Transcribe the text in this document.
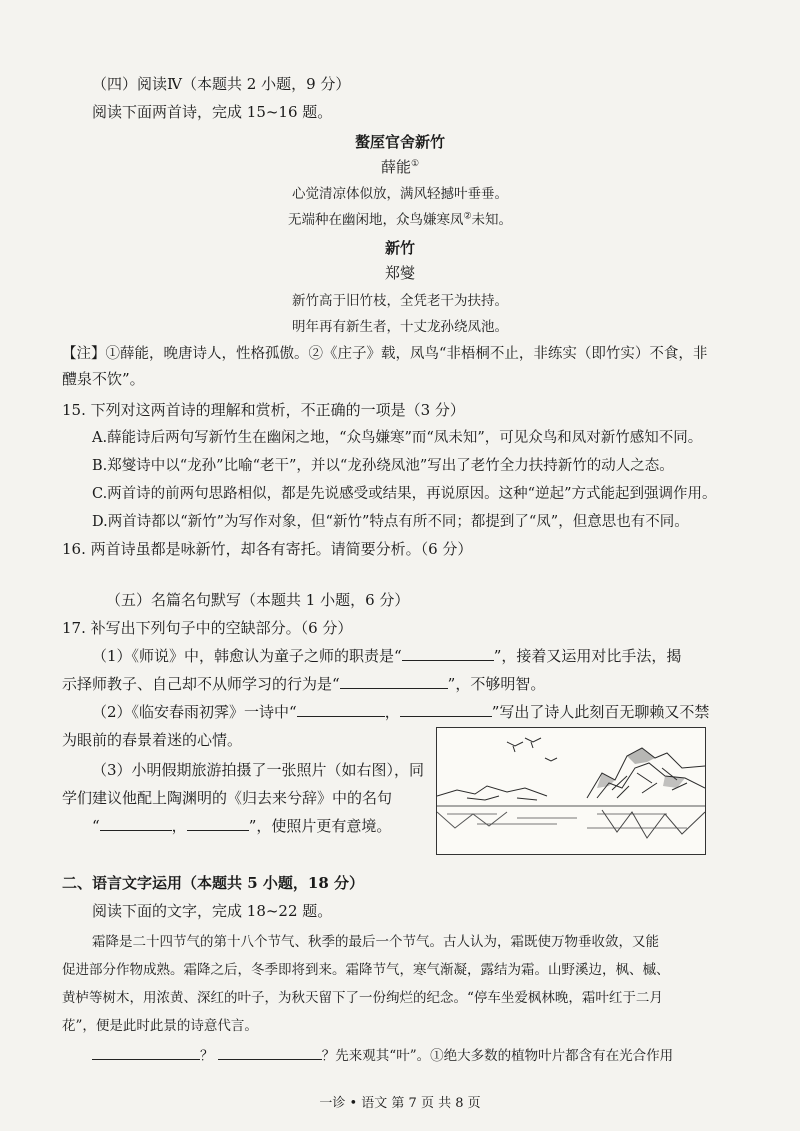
（四）阅读Ⅳ（本题共 2 小题，9 分）
阅读下面两首诗，完成 15~16 题。
螯厔官舍新竹
薛能①
心觉清凉体似放，满风轻撼叶垂垂。
无端种在幽闲地，众鸟嫌寒凤②未知。
新竹
郑燮
新竹高于旧竹枝，全凭老干为扶持。
明年再有新生者，十丈龙孙绕凤池。
【注】①薛能，晚唐诗人，性格孤傲。②《庄子》载，凤鸟“非梧桐不止，非练实（即竹实）不食，非
醴泉不饮”。
15. 下列对这两首诗的理解和赏析，不正确的一项是（3 分）
A.薛能诗后两句写新竹生在幽闲之地，“众鸟嫌寒”而“凤未知”，可见众鸟和凤对新竹感知不同。
B.郑燮诗中以“龙孙”比喻“老干”，并以“龙孙绕凤池”写出了老竹全力扶持新竹的动人之态。
C.两首诗的前两句思路相似，都是先说感受或结果，再说原因。这种“逆起”方式能起到强调作用。
D.两首诗都以“新竹”为写作对象，但“新竹”特点有所不同；都提到了“凤”，但意思也有不同。
16. 两首诗虽都是咏新竹，却各有寄托。请简要分析。（6 分）
（五）名篇名句默写（本题共 1 小题，6 分）
17. 补写出下列句子中的空缺部分。（6 分）
（1）《师说》中，韩愈认为童子之师的职责是“	”，接着又运用对比手法，揭
示择师教子、自己却不从师学习的行为是“	”，不够明智。
（2）《临安春雨初霁》一诗中“	，	”写出了诗人此刻百无聊赖又不禁
为眼前的春景着迷的心情。
（3）小明假期旅游拍摄了一张照片（如右图），同
学们建议他配上陶渊明的《归去来兮辞》中的名句
“	，	”，使照片更有意境。
二、语言文字运用（本题共 5 小题，18 分）
阅读下面的文字，完成 18~22 题。
霜降是二十四节气的第十八个节气、秋季的最后一个节气。古人认为，霜既使万物垂收敛，又能
促进部分作物成熟。霜降之后，冬季即将到来。霜降节气，寒气渐凝，露结为霜。山野溪边，枫、槭、
黄栌等树木，用浓黄、深红的叶子，为秋天留下了一份绚烂的纪念。“停车坐爱枫林晚，霜叶红于二月
花”，便是此时此景的诗意代言。
？	？先来观其“叶”。①绝大多数的植物叶片都含有在光合作用
一诊 • 语文 第 7 页 共 8 页
